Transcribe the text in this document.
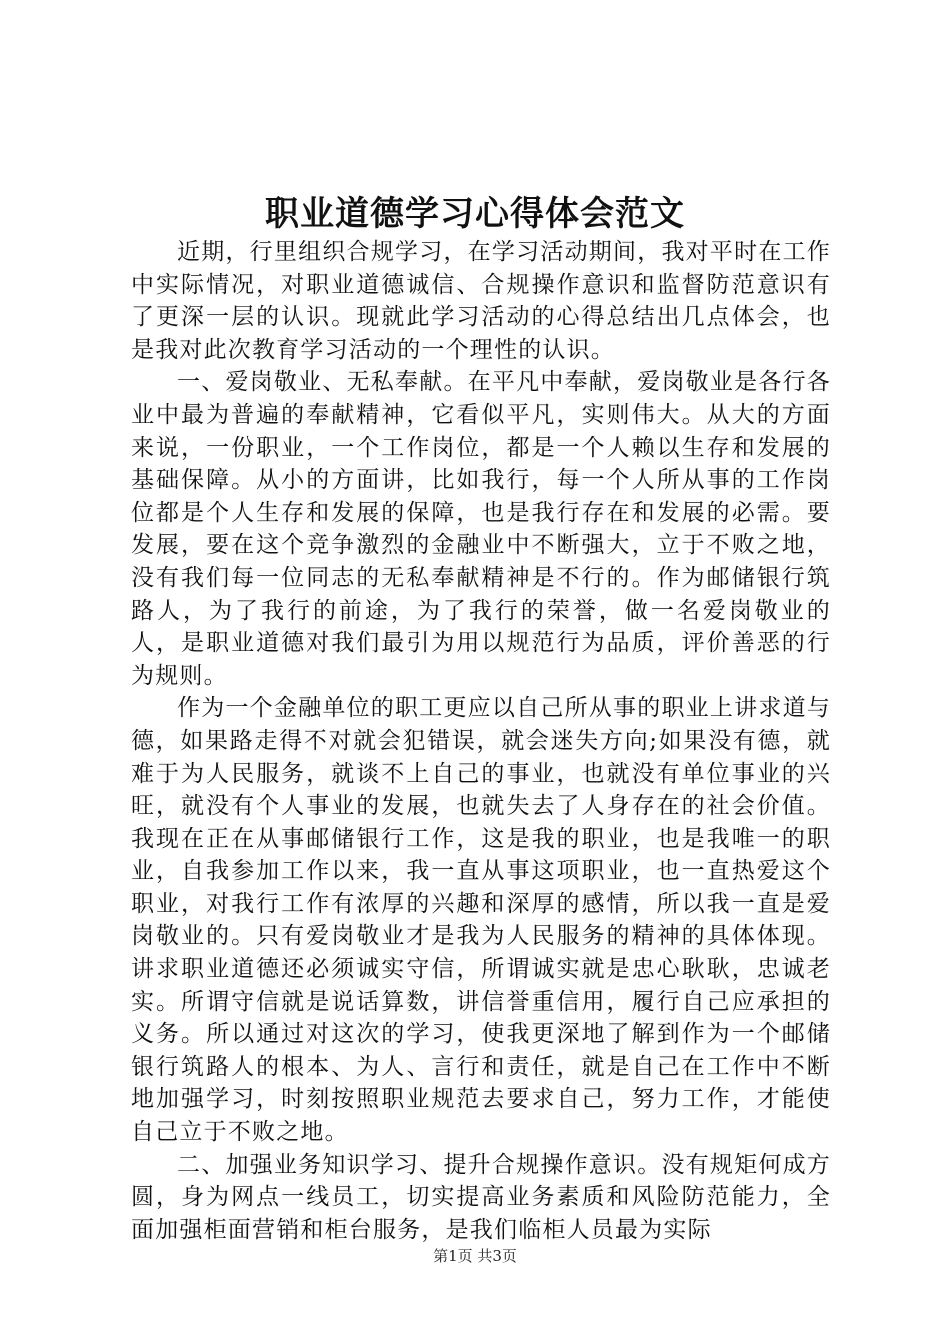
职业道德学习心得体会范文

近期，行里组织合规学习，在学习活动期间，我对平时在工作中实际情况，对职业道德诚信、合规操作意识和监督防范意识有了更深一层的认识。现就此学习活动的心得总结出几点体会，也是我对此次教育学习活动的一个理性的认识。

一、爱岗敬业、无私奉献。在平凡中奉献，爱岗敬业是各行各业中最为普遍的奉献精神，它看似平凡，实则伟大。从大的方面来说，一份职业，一个工作岗位，都是一个人赖以生存和发展的基础保障。从小的方面讲，比如我行，每一个人所从事的工作岗位都是个人生存和发展的保障，也是我行存在和发展的必需。要发展，要在这个竞争激烈的金融业中不断强大，立于不败之地，没有我们每一位同志的无私奉献精神是不行的。作为邮储银行筑路人，为了我行的前途，为了我行的荣誉，做一名爱岗敬业的人，是职业道德对我们最引为用以规范行为品质，评价善恶的行为规则。

作为一个金融单位的职工更应以自己所从事的职业上讲求道与德，如果路走得不对就会犯错误，就会迷失方向;如果没有德，就难于为人民服务，就谈不上自己的事业，也就没有单位事业的兴旺，就没有个人事业的发展，也就失去了人身存在的社会价值。我现在正在从事邮储银行工作，这是我的职业，也是我唯一的职业，自我参加工作以来，我一直从事这项职业，也一直热爱这个职业，对我行工作有浓厚的兴趣和深厚的感情，所以我一直是爱岗敬业的。只有爱岗敬业才是我为人民服务的精神的具体体现。讲求职业道德还必须诚实守信，所谓诚实就是忠心耿耿，忠诚老实。所谓守信就是说话算数，讲信誉重信用，履行自己应承担的义务。所以通过对这次的学习，使我更深地了解到作为一个邮储银行筑路人的根本、为人、言行和责任，就是自己在工作中不断地加强学习，时刻按照职业规范去要求自己，努力工作，才能使自己立于不败之地。

二、加强业务知识学习、提升合规操作意识。没有规矩何成方圆，身为网点一线员工，切实提高业务素质和风险防范能力，全面加强柜面营销和柜台服务，是我们临柜人员最为实际

第1页 共3页
